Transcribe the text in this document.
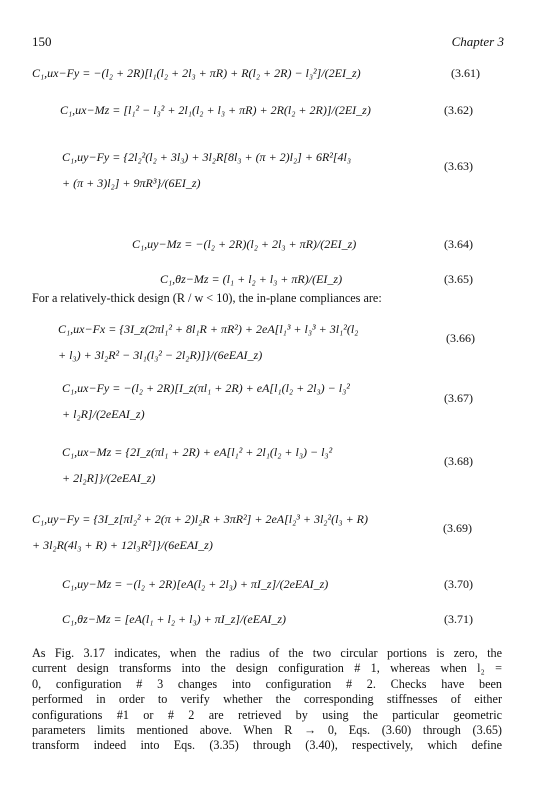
150	Chapter 3
C₁,ux−Fy = −(l₂ + 2R)[l₁(l₂ + 2l₃ + πR) + R(l₂ + 2R) − l₃²]/(2EI_z)	(3.61)
C₁,ux−Mz = [l₁² − l₃² + 2l₁(l₂ + l₃ + πR) + 2R(l₂ + 2R)]/(2EI_z)	(3.62)
C₁,uy−Fy = {2l₂²(l₂ + 3l₃) + 3l₂R[8l₃ + (π + 2)l₂] + 6R²[4l₃
+ (π + 3)l₂] + 9πR³}/(6EI_z)
(3.63)
C₁,uy−Mz = −(l₂ + 2R)(l₂ + 2l₃ + πR)/(2EI_z)	(3.64)
C₁,θz−Mz = (l₁ + l₂ + l₃ + πR)/(EI_z)	(3.65)
For a relatively-thick design (R / w < 10), the in-plane compliances are:
C₁,ux−Fx = {3I_z(2πl₁² + 8l₁R + πR²) + 2eA[l₁³ + l₃³ + 3l₁²(l₂
+ l₃) + 3l₂R² − 3l₁(l₃² − 2l₂R)]}/(6eEAI_z)
(3.66)
C₁,ux−Fy = −(l₂ + 2R)[I_z(πl₁ + 2R) + eA[l₁(l₂ + 2l₃) − l₃²
+ l₂R]/(2eEAI_z)
(3.67)
C₁,ux−Mz = {2I_z(πl₁ + 2R) + eA[l₁² + 2l₁(l₂ + l₃) − l₃²
+ 2l₂R]}/(2eEAI_z)
(3.68)
C₁,uy−Fy = {3I_z[πl₂² + 2(π + 2)l₂R + 3πR²] + 2eA[l₂³ + 3l₂²(l₃ + R)
+ 3l₂R(4l₃ + R) + 12l₃R²]}/(6eEAI_z)
(3.69)
C₁,uy−Mz = −(l₂ + 2R)[eA(l₂ + 2l₃) + πI_z]/(2eEAI_z)	(3.70)
C₁,θz−Mz = [eA(l₁ + l₂ + l₃) + πI_z]/(eEAI_z)	(3.71)
As Fig. 3.17 indicates, when the radius of the two circular portions is zero, the
current design transforms into the design configuration # 1, whereas when l₂ =
0, configuration # 3 changes into configuration # 2. Checks have been
performed in order to verify whether the corresponding stiffnesses of either
configurations #1 or # 2 are retrieved by using the particular geometric
parameters limits mentioned above. When R → 0, Eqs. (3.60) through (3.65)
transform indeed into Eqs. (3.35) through (3.40), respectively, which define
